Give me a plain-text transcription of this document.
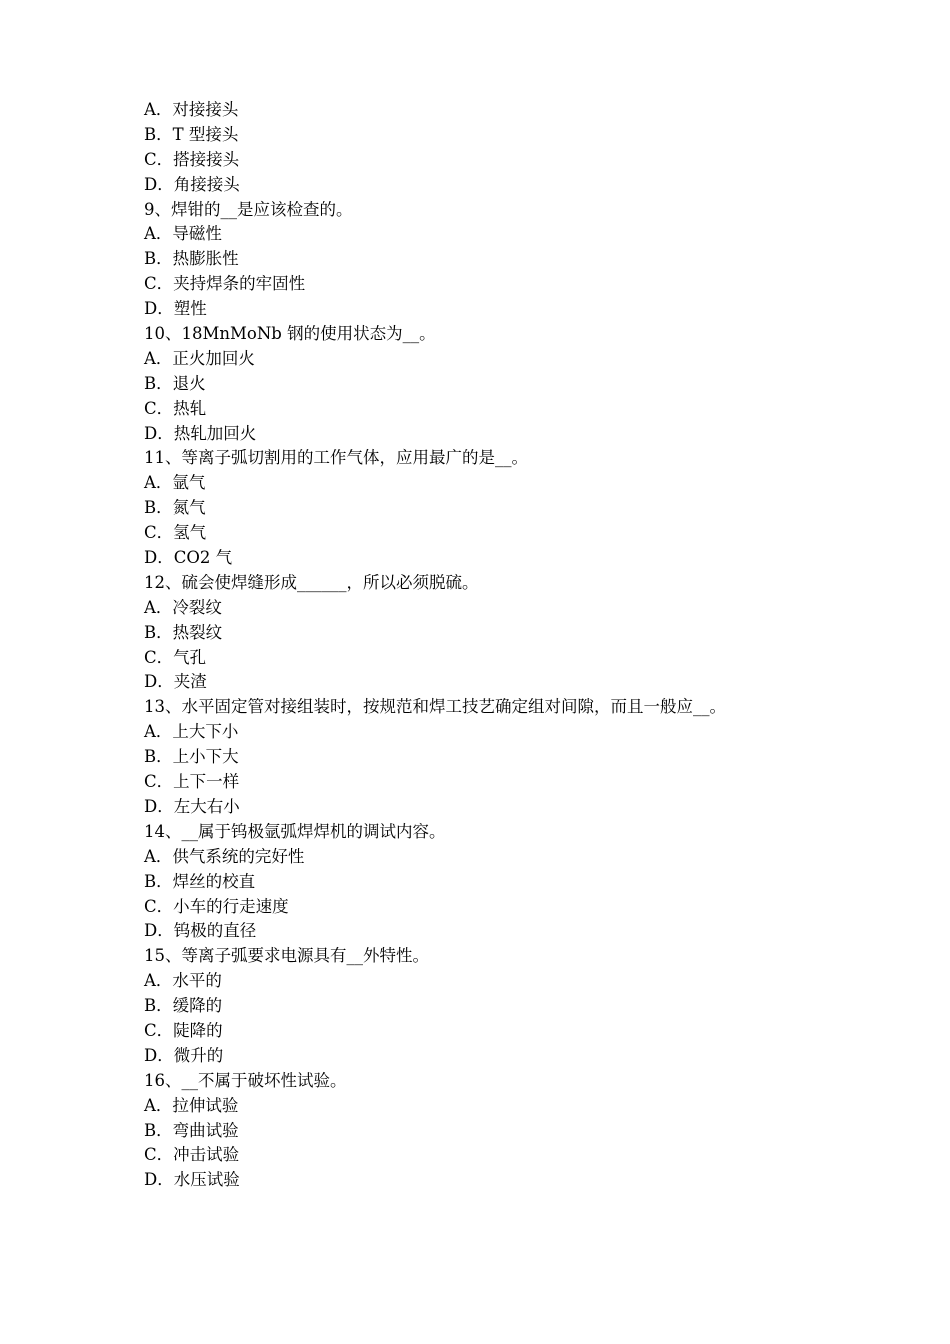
A．对接接头
B．T 型接头
C．搭接接头
D．角接接头
9、焊钳的__是应该检查的。
A．导磁性
B．热膨胀性
C．夹持焊条的牢固性
D．塑性
10、18MnMoNb 钢的使用状态为__。
A．正火加回火
B．退火
C．热轧
D．热轧加回火
11、等离子弧切割用的工作气体，应用最广的是__。
A．氩气
B．氮气
C．氢气
D．CO2 气
12、硫会使焊缝形成______，所以必须脱硫。
A．冷裂纹
B．热裂纹
C．气孔
D．夹渣
13、水平固定管对接组装时，按规范和焊工技艺确定组对间隙，而且一般应__。
A．上大下小
B．上小下大
C．上下一样
D．左大右小
14、__属于钨极氩弧焊焊机的调试内容。
A．供气系统的完好性
B．焊丝的校直
C．小车的行走速度
D．钨极的直径
15、等离子弧要求电源具有__外特性。
A．水平的
B．缓降的
C．陡降的
D．微升的
16、__不属于破坏性试验。
A．拉伸试验
B．弯曲试验
C．冲击试验
D．水压试验
